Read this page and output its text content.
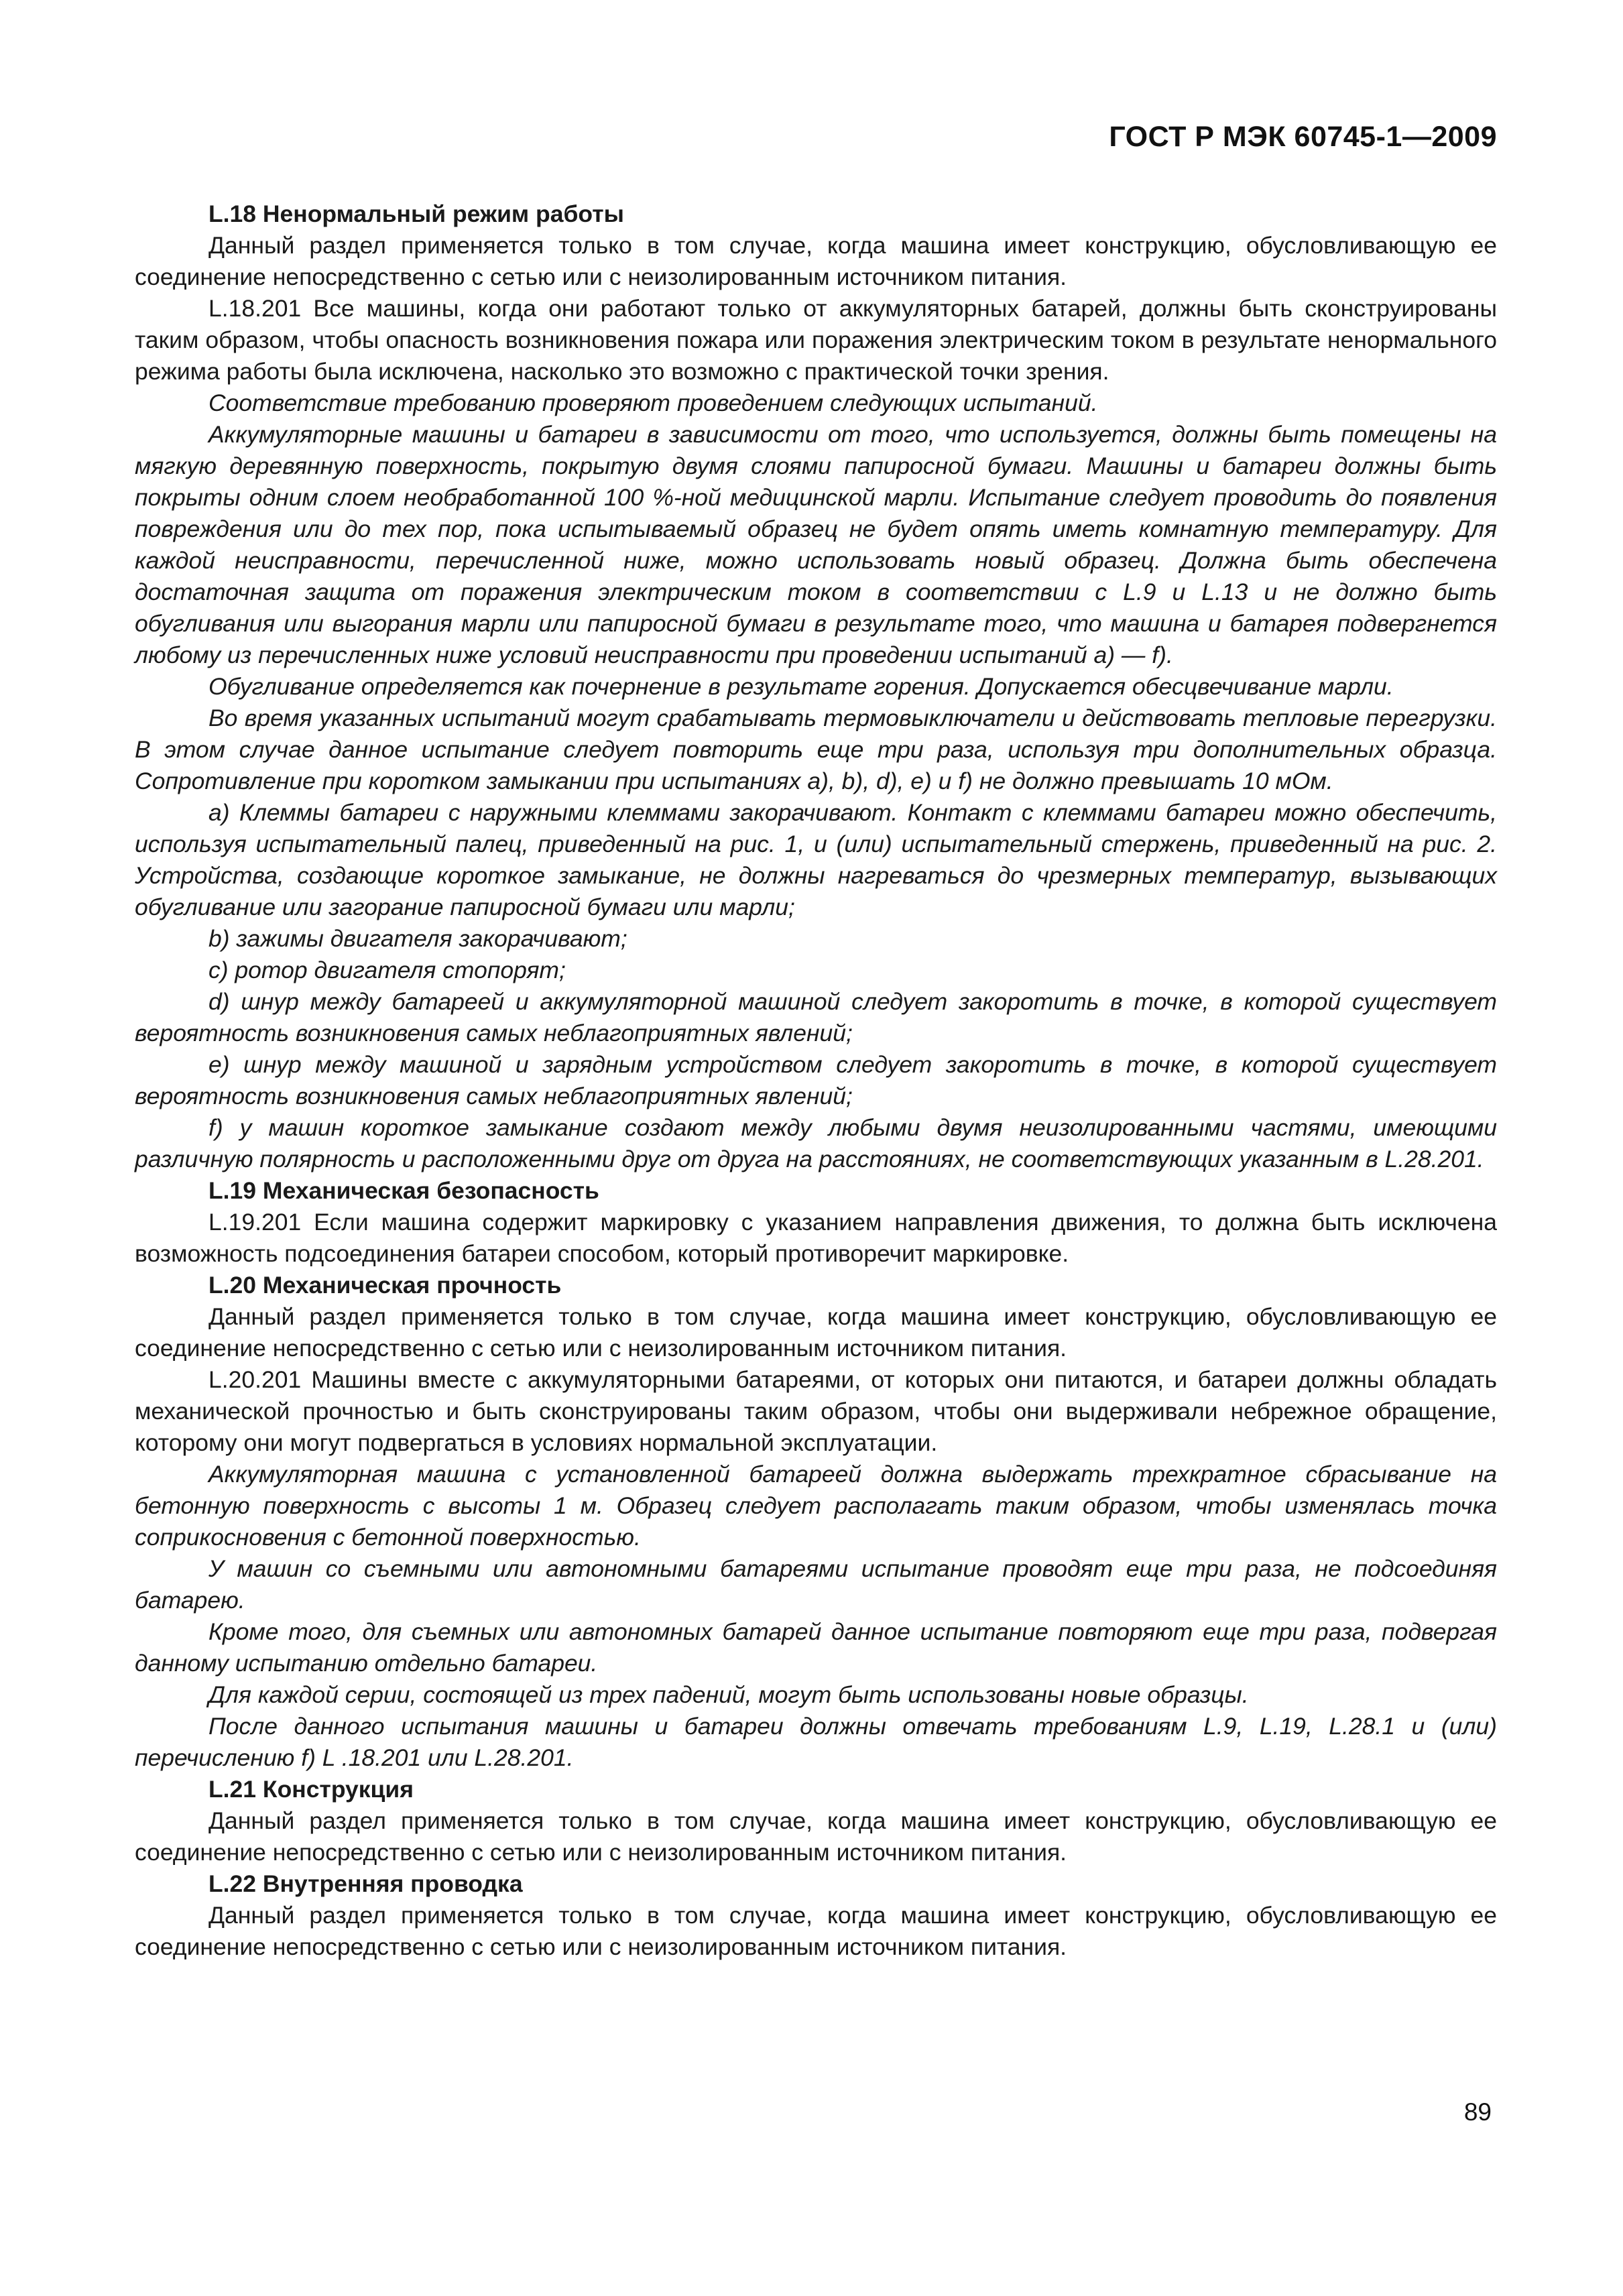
ГОСТ Р МЭК 60745-1—2009

L.18 Ненормальный режим работы

Данный раздел применяется только в том случае, когда машина имеет конструкцию, обусловливающую ее соединение непосредственно с сетью или с неизолированным источником питания.

L.18.201 Все машины, когда они работают только от аккумуляторных батарей, должны быть сконструированы таким образом, чтобы опасность возникновения пожара или поражения электрическим током в результате ненормального режима работы была исключена, насколько это возможно с практической точки зрения.

Соответствие требованию проверяют проведением следующих испытаний.

Аккумуляторные машины и батареи в зависимости от того, что используется, должны быть помещены на мягкую деревянную поверхность, покрытую двумя слоями папиросной бумаги. Машины и батареи должны быть покрыты одним слоем необработанной 100 %-ной медицинской марли. Испытание следует проводить до появления повреждения или до тех пор, пока испытываемый образец не будет опять иметь комнатную температуру. Для каждой неисправности, перечисленной ниже, можно использовать новый образец. Должна быть обеспечена достаточная защита от поражения электрическим током в соответствии с L.9 и L.13 и не должно быть обугливания или выгорания марли или папиросной бумаги в результате того, что машина и батарея подвергнется любому из перечисленных ниже условий неисправности при проведении испытаний a) — f).

Обугливание определяется как почернение в результате горения. Допускается обесцвечивание марли.

Во время указанных испытаний могут срабатывать термовыключатели и действовать тепловые перегрузки. В этом случае данное испытание следует повторить еще три раза, используя три дополнительных образца. Сопротивление при коротком замыкании при испытаниях a), b), d), e) и f) не должно превышать 10 мОм.

a) Клеммы батареи с наружными клеммами закорачивают. Контакт с клеммами батареи можно обеспечить, используя испытательный палец, приведенный на рис. 1, и (или) испытательный стержень, приведенный на рис. 2. Устройства, создающие короткое замыкание, не должны нагреваться до чрезмерных температур, вызывающих обугливание или загорание папиросной бумаги или марли;

b) зажимы двигателя закорачивают;

c) ротор двигателя стопорят;

d) шнур между батареей и аккумуляторной машиной следует закоротить в точке, в которой существует вероятность возникновения самых неблагоприятных явлений;

e) шнур между машиной и зарядным устройством следует закоротить в точке, в которой существует вероятность возникновения самых неблагоприятных явлений;

f) у машин короткое замыкание создают между любыми двумя неизолированными частями, имеющими различную полярность и расположенными друг от друга на расстояниях, не соответствующих указанным в L.28.201.

L.19 Механическая безопасность

L.19.201 Если машина содержит маркировку с указанием направления движения, то должна быть исключена возможность подсоединения батареи способом, который противоречит маркировке.

L.20 Механическая прочность

Данный раздел применяется только в том случае, когда машина имеет конструкцию, обусловливающую ее соединение непосредственно с сетью или с неизолированным источником питания.

L.20.201 Машины вместе с аккумуляторными батареями, от которых они питаются, и батареи должны обладать механической прочностью и быть сконструированы таким образом, чтобы они выдерживали небрежное обращение, которому они могут подвергаться в условиях нормальной эксплуатации.

Аккумуляторная машина с установленной батареей должна выдержать трехкратное сбрасывание на бетонную поверхность с высоты 1 м. Образец следует располагать таким образом, чтобы изменялась точка соприкосновения с бетонной поверхностью.

У машин со съемными или автономными батареями испытание проводят еще три раза, не подсоединяя батарею.

Кроме того, для съемных или автономных батарей данное испытание повторяют еще три раза, подвергая данному испытанию отдельно батареи.

Для каждой серии, состоящей из трех падений, могут быть использованы новые образцы.

После данного испытания машины и батареи должны отвечать требованиям L.9, L.19, L.28.1 и (или) перечислению f) L .18.201 или L.28.201.

L.21 Конструкция

Данный раздел применяется только в том случае, когда машина имеет конструкцию, обусловливающую ее соединение непосредственно с сетью или с неизолированным источником питания.

L.22 Внутренняя проводка

Данный раздел применяется только в том случае, когда машина имеет конструкцию, обусловливающую ее соединение непосредственно с сетью или с неизолированным источником питания.

89
